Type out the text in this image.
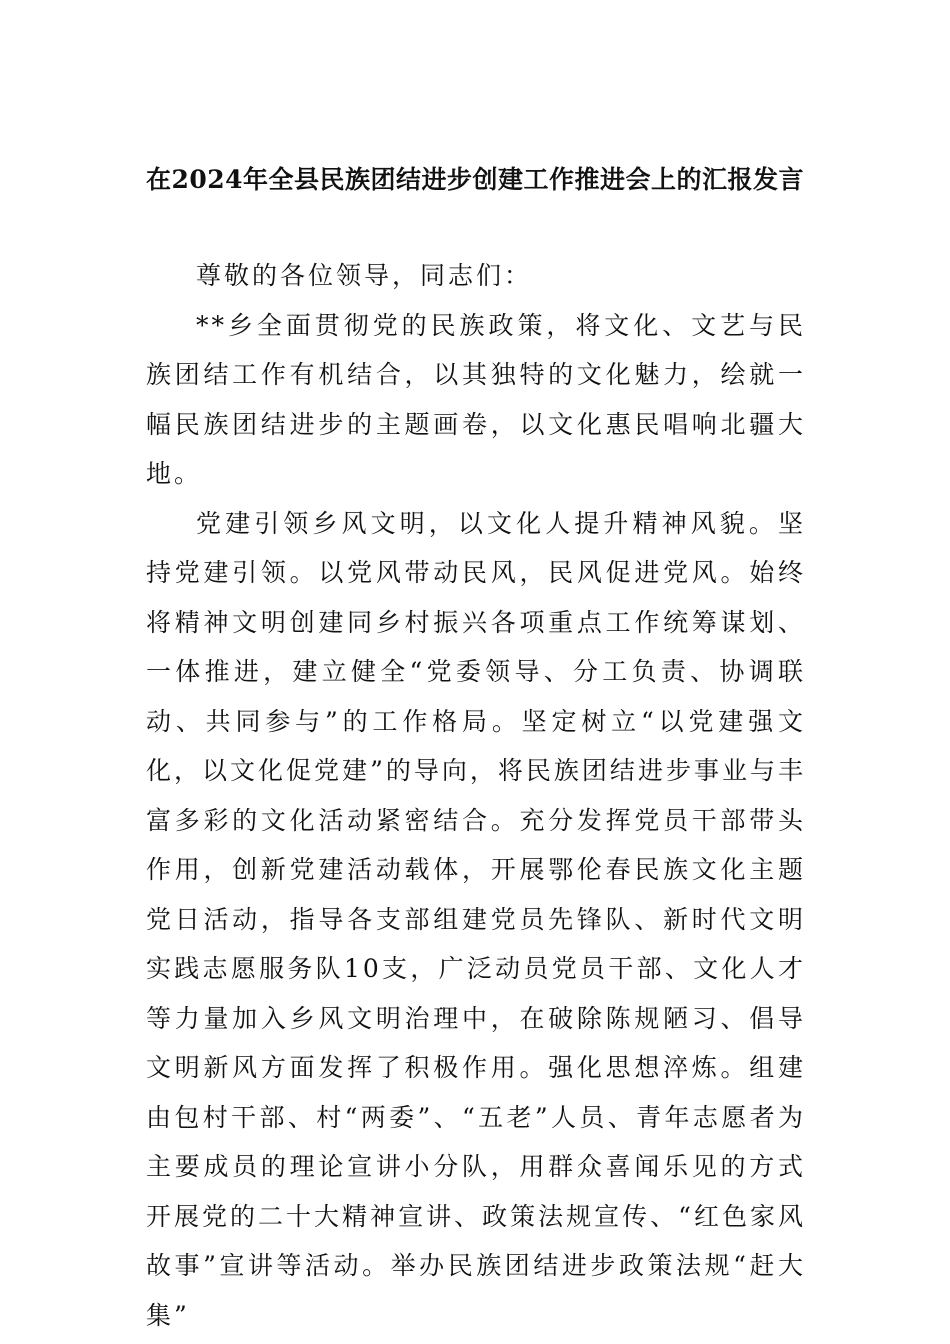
在2024年全县民族团结进步创建工作推进会上的汇报发言

尊敬的各位领导，同志们：

**乡全面贯彻党的民族政策，将文化、文艺与民族团结工作有机结合，以其独特的文化魅力，绘就一幅民族团结进步的主题画卷，以文化惠民唱响北疆大地。

党建引领乡风文明，以文化人提升精神风貌。坚持党建引领。以党风带动民风，民风促进党风。始终将精神文明创建同乡村振兴各项重点工作统筹谋划、一体推进，建立健全“党委领导、分工负责、协调联动、共同参与”的工作格局。坚定树立“以党建强文化，以文化促党建”的导向，将民族团结进步事业与丰富多彩的文化活动紧密结合。充分发挥党员干部带头作用，创新党建活动载体，开展鄂伦春民族文化主题党日活动，指导各支部组建党员先锋队、新时代文明实践志愿服务队10支，广泛动员党员干部、文化人才等力量加入乡风文明治理中，在破除陈规陋习、倡导文明新风方面发挥了积极作用。强化思想淬炼。组建由包村干部、村“两委”、“五老”人员、青年志愿者为主要成员的理论宣讲小分队，用群众喜闻乐见的方式开展党的二十大精神宣讲、政策法规宣传、“红色家风故事”宣讲等活动。举办民族团结进步政策法规“赶大集”
